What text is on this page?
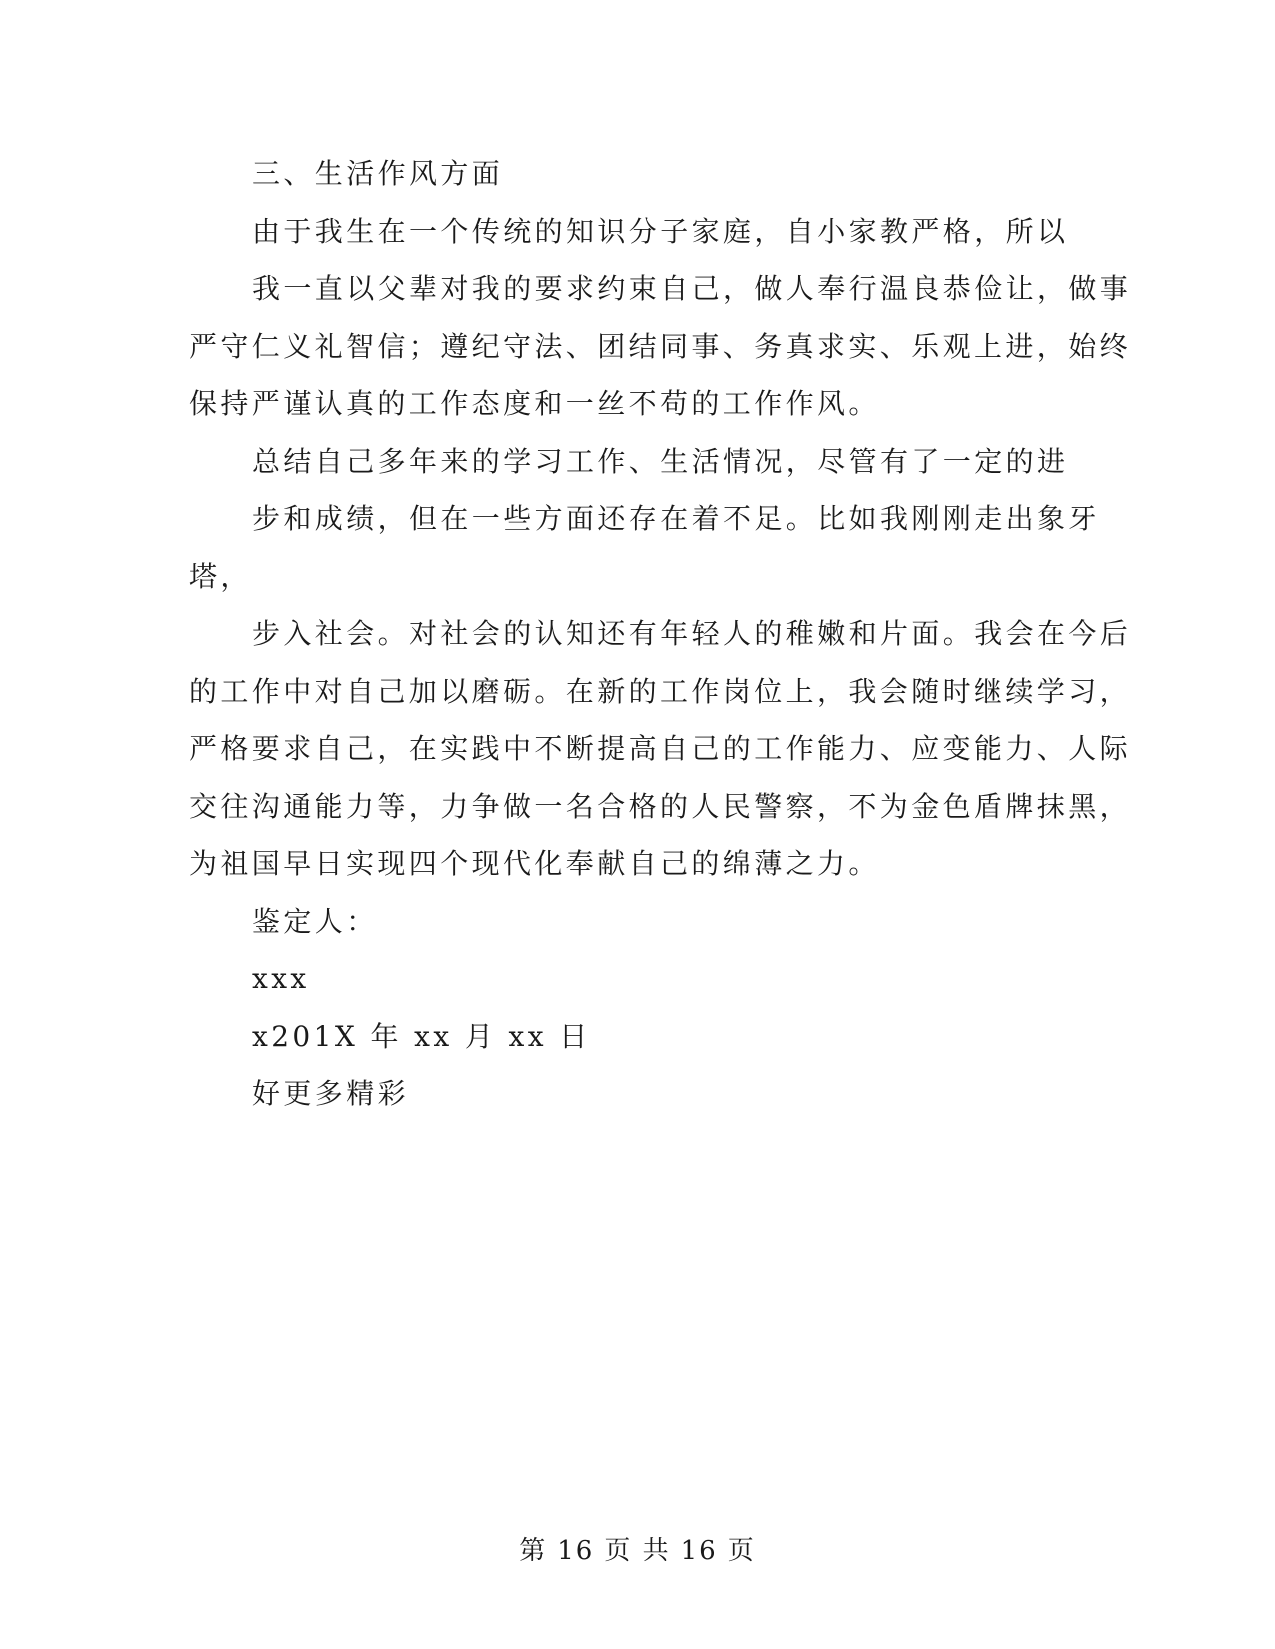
三、生活作风方面
由于我生在一个传统的知识分子家庭，自小家教严格，所以
我一直以父辈对我的要求约束自己，做人奉行温良恭俭让，做事
严守仁义礼智信；遵纪守法、团结同事、务真求实、乐观上进，始终
保持严谨认真的工作态度和一丝不苟的工作作风。
总结自己多年来的学习工作、生活情况，尽管有了一定的进
步和成绩，但在一些方面还存在着不足。比如我刚刚走出象牙
塔，
步入社会。对社会的认知还有年轻人的稚嫩和片面。我会在今后
的工作中对自己加以磨砺。在新的工作岗位上，我会随时继续学习，
严格要求自己，在实践中不断提高自己的工作能力、应变能力、人际
交往沟通能力等，力争做一名合格的人民警察，不为金色盾牌抹黑，
为祖国早日实现四个现代化奉献自己的绵薄之力。
鉴定人：
xxx
x201X 年 xx 月 xx 日
好更多精彩
第 16 页 共 16 页
